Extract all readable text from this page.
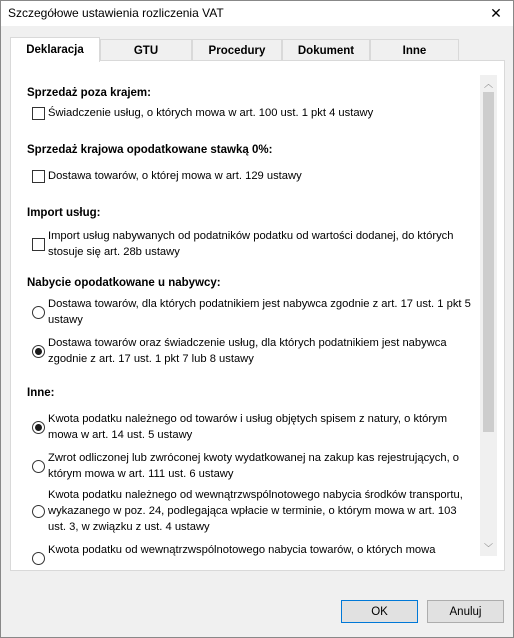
Szczegółowe ustawienia rozliczenia VAT	✕
Deklaracja	GTU	Procedury	Dokument	Inne
Sprzedaż poza krajem:
Świadczenie usług, o których mowa w art. 100 ust. 1 pkt 4 ustawy
Sprzedaż krajowa opodatkowane stawką 0%:
Dostawa towarów, o której mowa w art. 129 ustawy
Import usług:
Import usług nabywanych od podatników podatku od wartości dodanej, do których stosuje się art. 28b ustawy
Nabycie opodatkowane u nabywcy:
Dostawa towarów, dla których podatnikiem jest nabywca zgodnie z art. 17 ust. 1 pkt 5 ustawy
Dostawa towarów oraz świadczenie usług, dla których podatnikiem jest nabywca zgodnie z art. 17 ust. 1 pkt 7 lub 8 ustawy
Inne:
Kwota podatku należnego od towarów i usług objętych spisem z natury, o którym mowa w art. 14 ust. 5 ustawy
Zwrot odliczonej lub zwróconej kwoty wydatkowanej na zakup kas rejestrujących, o którym mowa w art. 111 ust. 6 ustawy
Kwota podatku należnego od wewnątrzwspólnotowego nabycia środków transportu, wykazanego w poz. 24, podlegająca wpłacie w terminie, o którym mowa w art. 103 ust. 3, w związku z ust. 4 ustawy
Kwota podatku od wewnątrzwspólnotowego nabycia towarów, o których mowa
︿
﹀
OK	Anuluj
